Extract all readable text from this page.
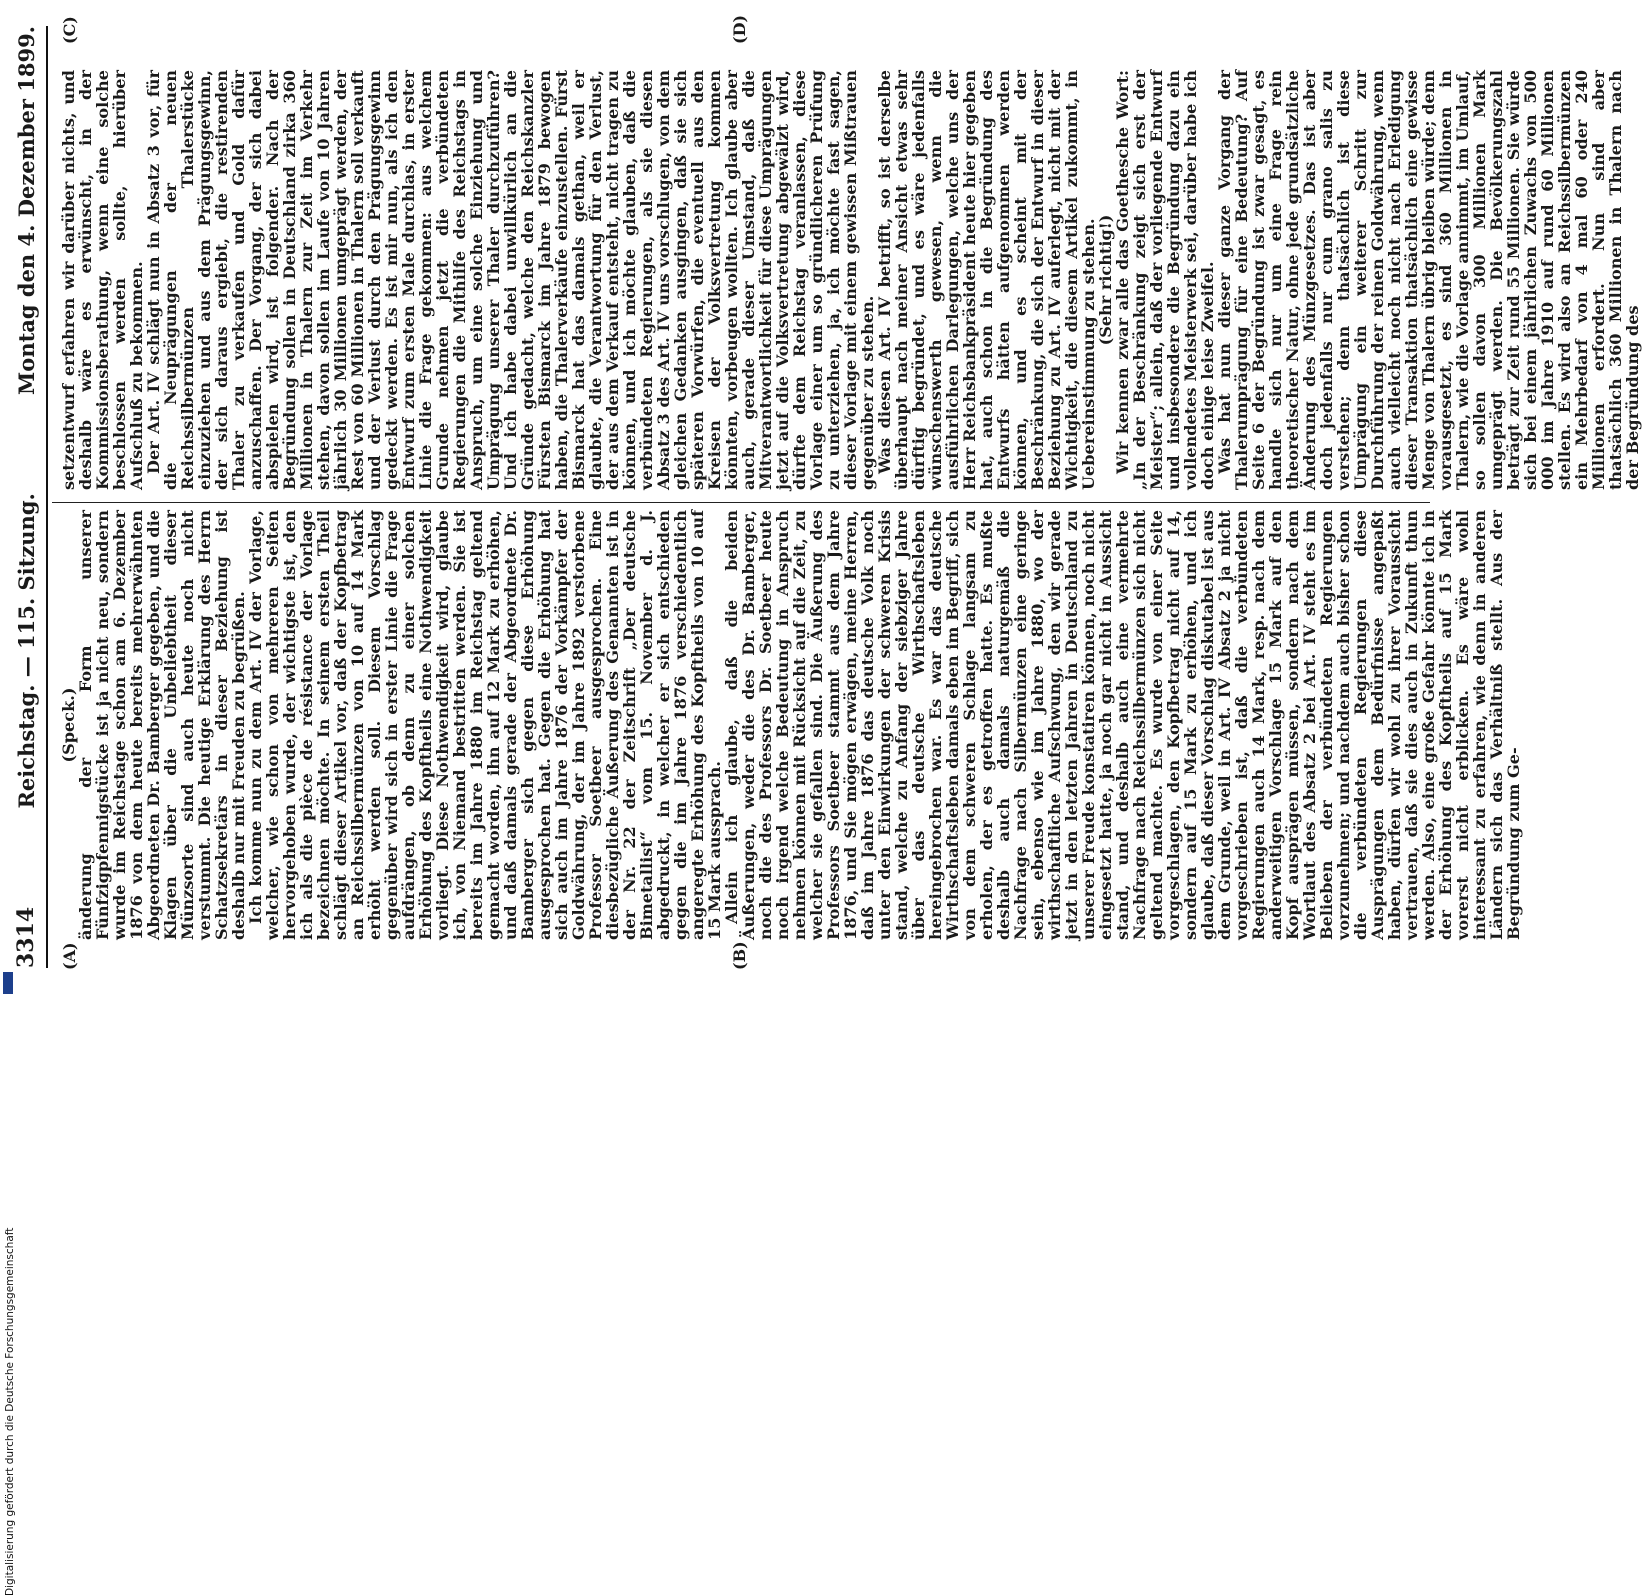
3314
Reichstag. — 115. Sitzung.
Montag den 4. Dezember 1899.
(A)	(B)
(C)	(D)

(Speck.)

änderung der Form unserer Fünfzigpfennigstücke ist ja nicht neu, sondern wurde im Reichstage schon am 6. Dezember 1876 von dem heute bereits mehrerwähnten Abgeordneten Dr. Bamberger gegeben, und die Klagen über die Unbeliebtheit dieser Münzsorte sind auch heute noch nicht verstummt. Die heutige Erklärung des Herrn Schatzsekretärs in dieser Beziehung ist deshalb nur mit Freuden zu begrüßen.

Ich komme nun zu dem Art. IV der Vorlage, welcher, wie schon von mehreren Seiten hervorgehoben wurde, der wichtigste ist, den ich als die pièce de résistance der Vorlage bezeichnen möchte. In seinem ersten Theil schlägt dieser Artikel vor, daß der Kopfbetrag an Reichssilbermünzen von 10 auf 14 Mark erhöht werden soll. Diesem Vorschlag gegenüber wird sich in erster Linie die Frage aufdrängen, ob denn zu einer solchen Erhöhung des Kopftheils eine Nothwendigkeit vorliegt. Diese Nothwendigkeit wird, glaube ich, von Niemand bestritten werden. Sie ist bereits im Jahre 1880 im Reichstag geltend gemacht worden, ihn auf 12 Mark zu erhöhen, und daß damals gerade der Abgeordnete Dr. Bamberger sich gegen diese Erhöhung ausgesprochen hat. Gegen die Erhöhung hat sich auch im Jahre 1876 der Vorkämpfer der Goldwährung, der im Jahre 1892 verstorbene Professor Soetbeer ausgesprochen. Eine diesbezügliche Äußerung des Genannten ist in der Nr. 22 der Zeitschrift „Der deutsche Bimetallist“ vom 15. November d. J. abgedruckt, in welcher er sich entschieden gegen die im Jahre 1876 verschiedentlich angeregte Erhöhung des Kopftheils von 10 auf 15 Mark aussprach.

Allein ich glaube, daß die beiden Äußerungen, weder die des Dr. Bamberger, noch die des Professors Dr. Soetbeer heute noch irgend welche Bedeutung in Anspruch nehmen können mit Rücksicht auf die Zeit, zu welcher sie gefallen sind. Die Äußerung des Professors Soetbeer stammt aus dem Jahre 1876, und Sie mögen erwägen, meine Herren, daß im Jahre 1876 das deutsche Volk noch unter den Einwirkungen der schweren Krisis stand, welche zu Anfang der siebziger Jahre über das deutsche Wirthschaftsleben hereingebrochen war. Es war das deutsche Wirthschaftsleben damals eben im Begriff, sich von dem schweren Schlage langsam zu erholen, der es getroffen hatte. Es mußte deshalb auch damals naturgemäß die Nachfrage nach Silbermünzen eine geringe sein, ebenso wie im Jahre 1880, wo der wirthschaftliche Aufschwung, den wir gerade jetzt in den letzten Jahren in Deutschland zu unserer Freude konstatiren können, noch nicht eingesetzt hatte, ja noch gar nicht in Aussicht stand, und deshalb auch eine vermehrte Nachfrage nach Reichssilbermünzen sich nicht geltend machte. Es wurde von einer Seite vorgeschlagen, den Kopfbetrag nicht auf 14, sondern auf 15 Mark zu erhöhen, und ich glaube, daß dieser Vorschlag diskutabel ist aus dem Grunde, weil in Art. IV Absatz 2 ja nicht vorgeschrieben ist, daß die verbündeten Regierungen auch 14 Mark, resp. nach dem anderweitigen Vorschlage 15 Mark auf den Kopf ausprägen müssen, sondern nach dem Wortlaut des Absatz 2 bei Art. IV steht es im Belieben der verbündeten Regierungen vorzunehmen; und nachdem auch bisher schon die verbündeten Regierungen diese Ausprägungen dem Bedürfnisse angepaßt haben, dürfen wir wohl zu ihrer Voraussicht vertrauen, daß sie dies auch in Zukunft thun werden. Also, eine große Gefahr könnte ich in der Erhöhung des Kopftheils auf 15 Mark vorerst nicht erblicken. Es wäre wohl interessant zu erfahren, wie denn in anderen Ländern sich das Verhältniß stellt. Aus der Begründung zum Ge-

setzentwurf erfahren wir darüber nichts, und deshalb wäre es erwünscht, in der Kommissionsberathung, wenn eine solche beschlossen werden sollte, hierüber Aufschluß zu bekommen.

Der Art. IV schlägt nun in Absatz 3 vor, für die Neuprägungen der neuen Reichssilbermünzen Thalerstücke einzuziehen und aus dem Prägungsgewinn, der sich daraus ergiebt, die restirenden Thaler zu verkaufen und Gold dafür anzuschaffen. Der Vorgang, der sich dabei abspielen wird, ist folgender. Nach der Begründung sollen in Deutschland zirka 360 Millionen in Thalern zur Zeit im Verkehr stehen, davon sollen im Laufe von 10 Jahren jährlich 30 Millionen umgeprägt werden, der Rest von 60 Millionen in Thalern soll verkauft und der Verlust durch den Prägungsgewinn gedeckt werden. Es ist mir nun, als ich den Entwurf zum ersten Male durchlas, in erster Linie die Frage gekommen: aus welchem Grunde nehmen jetzt die verbündeten Regierungen die Mithilfe des Reichstags in Anspruch, um eine solche Einziehung und Umprägung unserer Thaler durchzuführen? Und ich habe dabei unwillkürlich an die Gründe gedacht, welche den Reichskanzler Fürsten Bismarck im Jahre 1879 bewogen haben, die Thalerverkäufe einzustellen. Fürst Bismarck hat das damals gethan, weil er glaubte, die Verantwortung für den Verlust, der aus dem Verkauf entsteht, nicht tragen zu können, und ich möchte glauben, daß die verbündeten Regierungen, als sie diesen Absatz 3 des Art. IV uns vorschlugen, von dem gleichen Gedanken ausgingen, daß sie sich späteren Vorwürfen, die eventuell aus den Kreisen der Volksvertretung kommen könnten, vorbeugen wollten. Ich glaube aber auch, gerade dieser Umstand, daß die Mitverantwortlichkeit für diese Umprägungen jetzt auf die Volksvertretung abgewälzt wird, dürfte dem Reichstag veranlassen, diese Vorlage einer um so gründlicheren Prüfung zu unterziehen, ja, ich möchte fast sagen, dieser Vorlage mit einem gewissen Mißtrauen gegenüber zu stehen.

Was diesen Art. IV betrifft, so ist derselbe überhaupt nach meiner Ansicht etwas sehr dürftig begründet, und es wäre jedenfalls wünschenswerth gewesen, wenn die ausführlichen Darlegungen, welche uns der Herr Reichsbankpräsident heute hier gegeben hat, auch schon in die Begründung des Entwurfs hätten aufgenommen werden können, und es scheint mit der Beschränkung, die sich der Entwurf in dieser Beziehung zu Art. IV auferlegt, nicht mit der Wichtigkeit, die diesem Artikel zukommt, in Uebereinstimmung zu stehen.

(Sehr richtig!)

Wir kennen zwar alle das Goethesche Wort: „In der Beschränkung zeigt sich erst der Meister“; allein, daß der vorliegende Entwurf und insbesondere die Begründung dazu ein vollendetes Meisterwerk sei, darüber habe ich doch einige leise Zweifel.

Was hat nun dieser ganze Vorgang der Thalerumprägung für eine Bedeutung? Auf Seite 6 der Begründung ist zwar gesagt, es handle sich nur um eine Frage rein theoretischer Natur, ohne jede grundsätzliche Änderung des Münzgesetzes. Das ist aber doch jedenfalls nur cum grano salis zu verstehen; denn thatsächlich ist diese Umprägung ein weiterer Schritt zur Durchführung der reinen Goldwährung, wenn auch vielleicht noch nicht nach Erledigung dieser Transaktion thatsächlich eine gewisse Menge von Thalern übrig bleiben würde; denn vorausgesetzt, es sind 360 Millionen in Thalern, wie die Vorlage annimmt, im Umlauf, so sollen davon 300 Millionen Mark umgeprägt werden. Die Bevölkerungszahl beträgt zur Zeit rund 55 Millionen. Sie würde sich bei einem jährlichen Zuwachs von 500 000 im Jahre 1910 auf rund 60 Millionen stellen. Es wird also an Reichssilbermünzen ein Mehrbedarf von 4 mal 60 oder 240 Millionen erfordert. Nun sind aber thatsächlich 360 Millionen in Thalern nach der Begründung des

Digitalisierung gefördert durch die Deutsche Forschungsgemeinschaft
